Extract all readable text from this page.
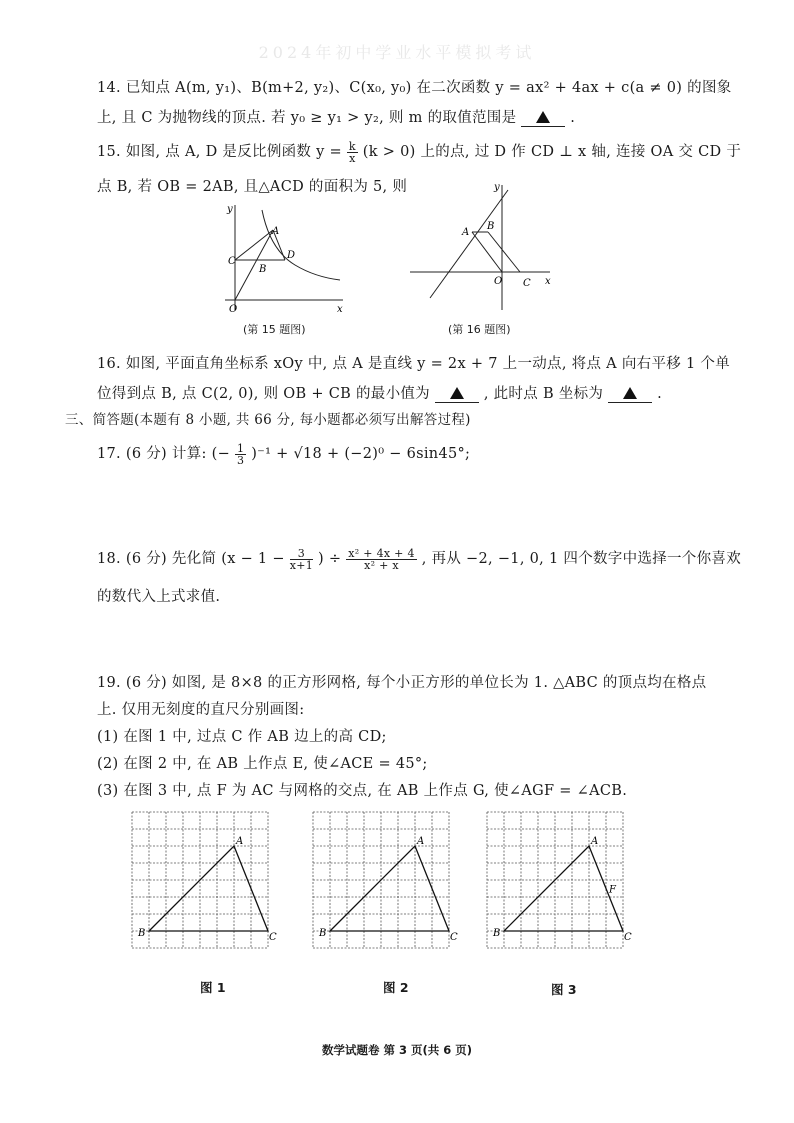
2024年初中学业水平模拟考试
14. 已知点 A(m, y₁)、B(m+2, y₂)、C(x₀, y₀) 在二次函数 y = ax² + 4ax + c(a ≠ 0) 的图象
上, 且 C 为抛物线的顶点. 若 y₀ ≥ y₁ > y₂, 则 m 的取值范围是	.
15. 如图, 点 A, D 是反比例函数 $y = \frac{k}{x} (k > 0)$ 上的点, 过 D 作 CD ⊥ x 轴, 连接 OA 交 CD 于
点 B, 若 OB = 2AB, 且△ACD 的面积为 5, 则
y
x
O
A
B
C
D
(第 15 题图)
y
x
O
A
B
C
(第 16 题图)
16. 如图, 平面直角坐标系 xOy 中, 点 A 是直线 y = 2x + 7 上一动点, 将点 A 向右平移 1 个单
位得到点 B, 点 C(2, 0), 则 OB + CB 的最小值为	, 此时点 B 坐标为	.
三、简答题(本题有 8 小题, 共 66 分, 每小题都必须写出解答过程)
17. (6 分) 计算: (− $\frac{1}{3} )^{-1} + √18 + (-2)^0 - 6\sin 45^\circ$;
18. (6 分) 先化简 ($x - 1 - \frac{3}{x+1}$ ) ÷ $\frac{\text{x² + 4x + 4}}{\text{x² + x}}$ , 再从 −2, −1, 0, 1 四个数字中选择一个你喜欢
的数代入上式求值.
19. (6 分) 如图, 是 8×8 的正方形网格, 每个小正方形的单位长为 1. △ABC 的顶点均在格点
上. 仅用无刻度的直尺分别画图:
(1) 在图 1 中, 过点 C 作 AB 边上的高 CD;
(2) 在图 2 中, 在 AB 上作点 E, 使∠ACE = 45°;
(3) 在图 3 中, 点 F 为 AC 与网格的交点, 在 AB 上作点 G, 使∠AGF = ∠ACB.
A
B	C
A
B	C
A
B	C
F
图 1	图 2	图 3
数学试题卷 第 3 页(共 6 页)
